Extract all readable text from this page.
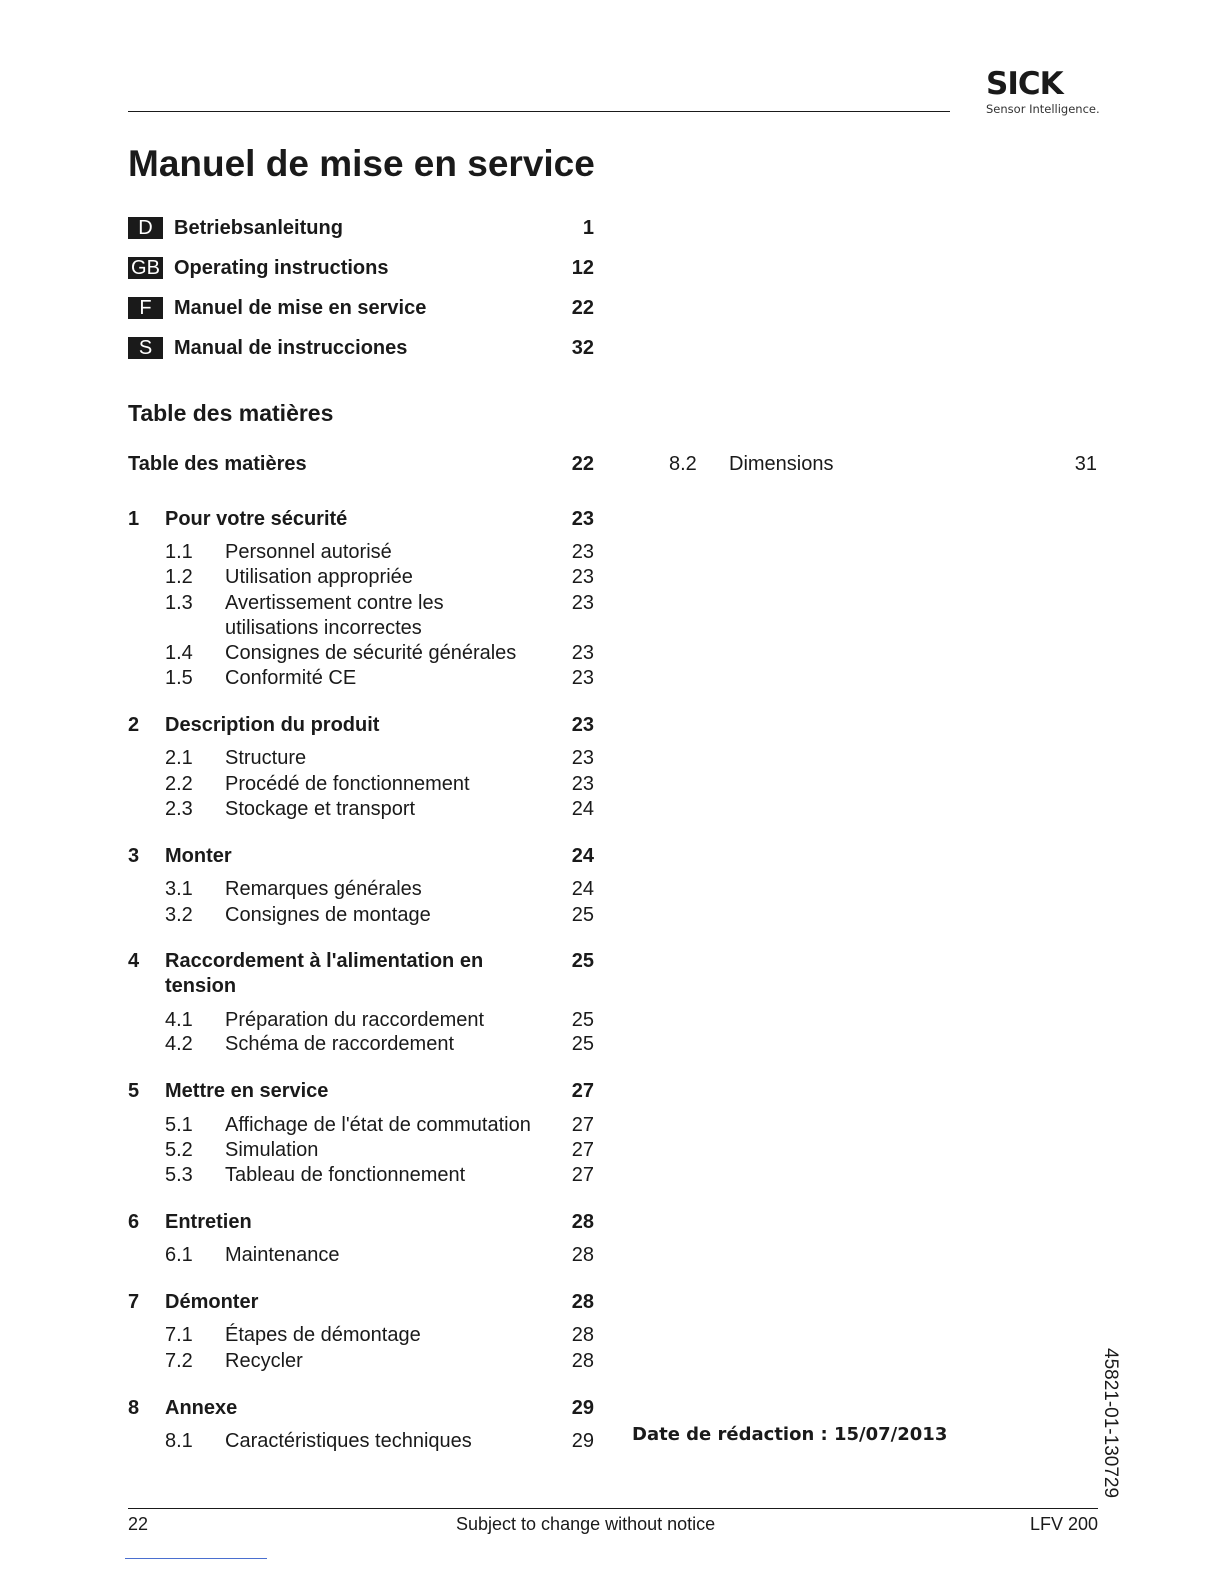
SICK
Sensor Intelligence.
Manuel de mise en service
D	Betriebsanleitung	1
GB Operating instructions	12
F	Manuel de mise en service	22
S	Manual de instrucciones	32
Table des matières
Table des matières	22
1 Pour votre sécurité	23
1.1 Personnel autorisé	23
1.2 Utilisation appropriée	23
1.3 Avertissement contre les utilisations incorrectes
23
1.4 Consignes de sécurité générales	23
1.5 Conformité CE	23
2 Description du produit	23
2.1 Structure	23
2.2 Procédé de fonctionnement	23
2.3 Stockage et transport	24
3 Monter	24
3.1 Remarques générales	24
3.2 Consignes de montage	25
4 Raccordement à l'alimentation en tension
25
4.1 Préparation du raccordement	25
4.2 Schéma de raccordement	25
5 Mettre en service	27
5.1 Affichage de l'état de commutation	27
5.2 Simulation	27
5.3 Tableau de fonctionnement	27
6 Entretien	28
6.1 Maintenance	28
7 Démonter	28
7.1 Étapes de démontage	28
7.2 Recycler	28
8 Annexe	29
8.1 Caractéristiques techniques	29
8.2 Dimensions	31
Date de rédaction : 15/07/2013	45821-01-130729
22	Subject to change without notice	LFV 200
